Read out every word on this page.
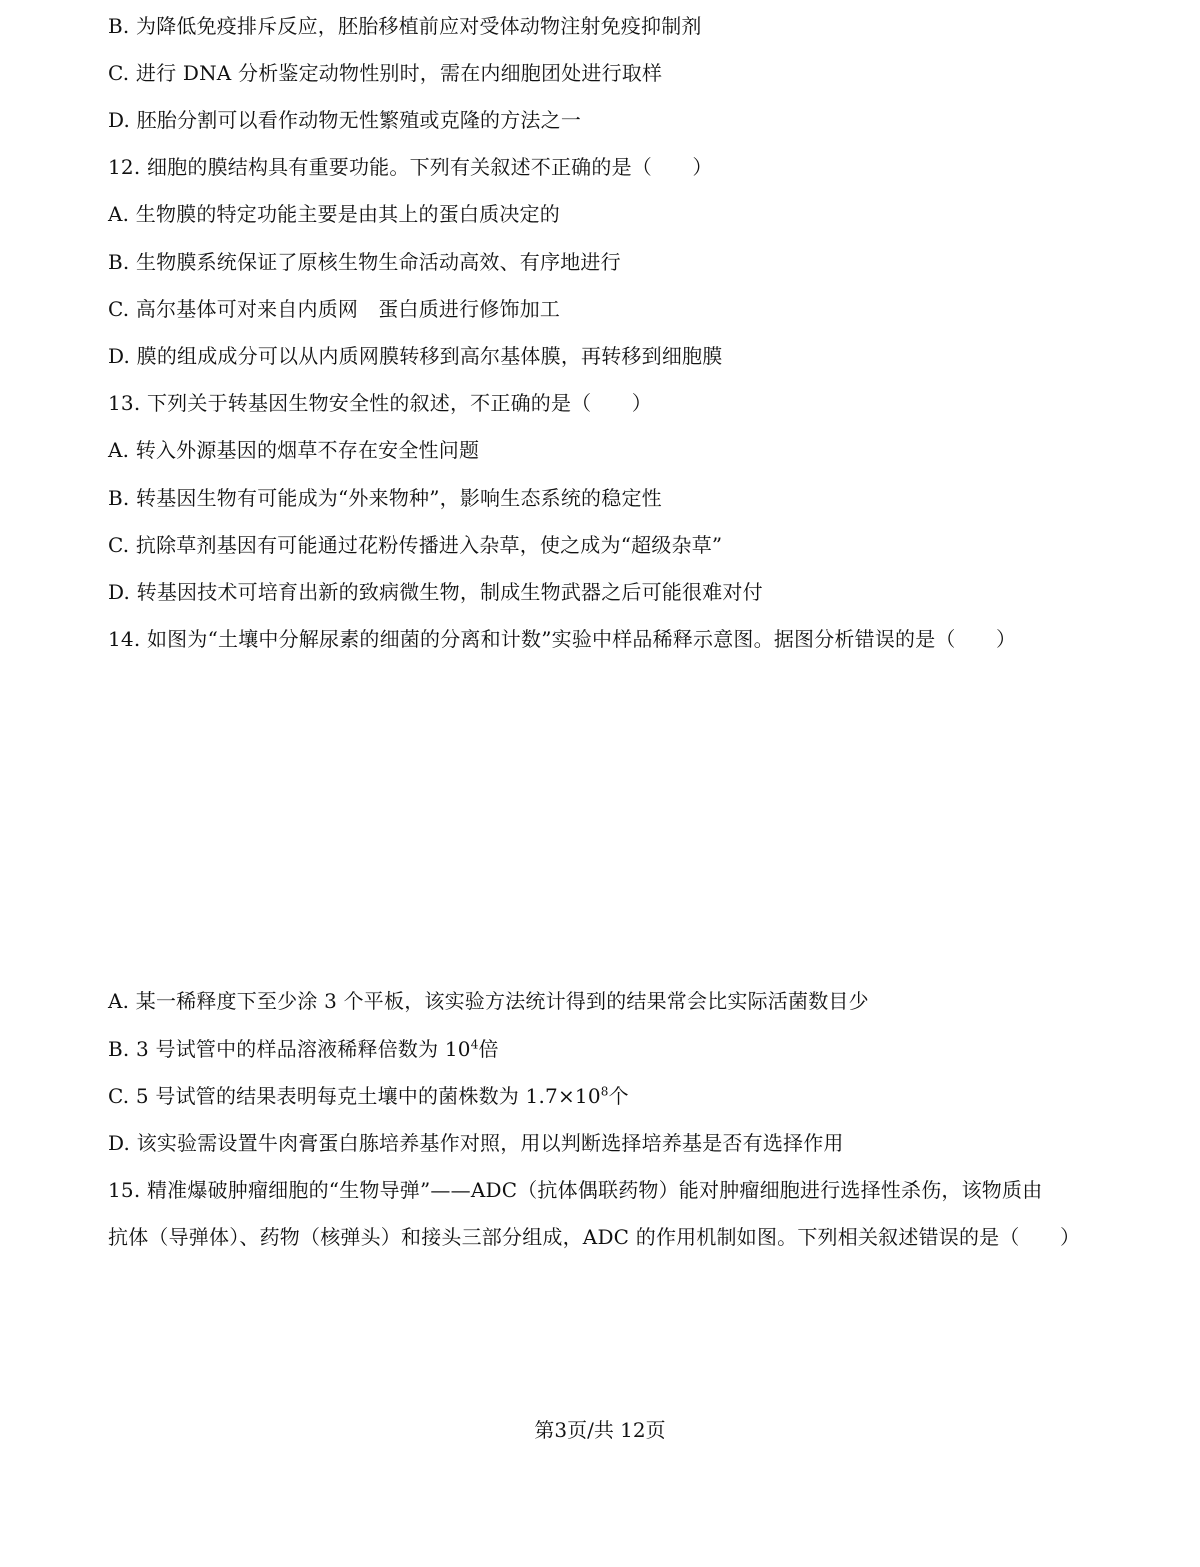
B. 为降低免疫排斥反应，胚胎移植前应对受体动物注射免疫抑制剂
C. 进行 DNA 分析鉴定动物性别时，需在内细胞团处进行取样
D. 胚胎分割可以看作动物无性繁殖或克隆的方法之一
12. 细胞的膜结构具有重要功能。下列有关叙述不正确的是（　　）
A. 生物膜的特定功能主要是由其上的蛋白质决定的
B. 生物膜系统保证了原核生物生命活动高效、有序地进行
C. 高尔基体可对来自内质网　蛋白质进行修饰加工
D. 膜的组成成分可以从内质网膜转移到高尔基体膜，再转移到细胞膜
13. 下列关于转基因生物安全性的叙述，不正确的是（　　）
A. 转入外源基因的烟草不存在安全性问题
B. 转基因生物有可能成为“外来物种”，影响生态系统的稳定性
C. 抗除草剂基因有可能通过花粉传播进入杂草，使之成为“超级杂草”
D. 转基因技术可培育出新的致病微生物，制成生物武器之后可能很难对付
14. 如图为“土壤中分解尿素的细菌的分离和计数”实验中样品稀释示意图。据图分析错误的是（　　）
A. 某一稀释度下至少涂 3 个平板，该实验方法统计得到的结果常会比实际活菌数目少
B. 3 号试管中的样品溶液稀释倍数为 $10^4$倍
C. 5 号试管的结果表明每克土壤中的菌株数为 $1.7\times 10^8$个
D. 该实验需设置牛肉膏蛋白胨培养基作对照，用以判断选择培养基是否有选择作用
15. 精准爆破肿瘤细胞的“生物导弹”——ADC（抗体偶联药物）能对肿瘤细胞进行选择性杀伤，该物质由
抗体（导弹体）、药物（核弹头）和接头三部分组成，ADC 的作用机制如图。下列相关叙述错误的是（　　）
第3页/共 12页
